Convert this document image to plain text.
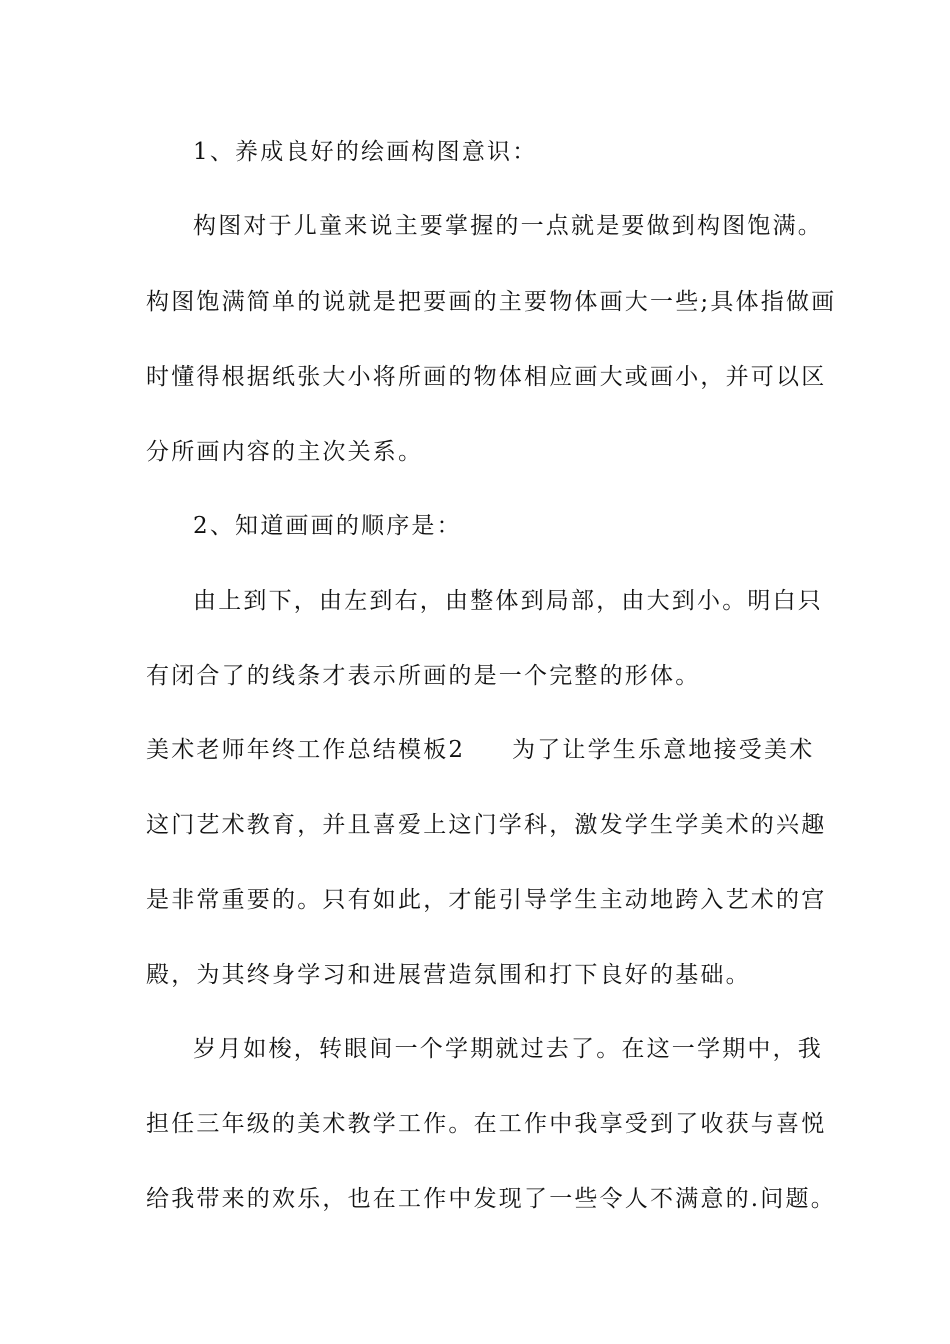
1、养成良好的绘画构图意识：
构图对于儿童来说主要掌握的一点就是要做到构图饱满。
构图饱满简单的说就是把要画的主要物体画大一些;具体指做画
时懂得根据纸张大小将所画的物体相应画大或画小，并可以区
分所画内容的主次关系。
2、知道画画的顺序是：
由上到下，由左到右，由整体到局部，由大到小。明白只
有闭合了的线条才表示所画的是一个完整的形体。
美术老师年终工作总结模板2 为了让学生乐意地接受美术
这门艺术教育，并且喜爱上这门学科，激发学生学美术的兴趣
是非常重要的。只有如此，才能引导学生主动地跨入艺术的宫
殿，为其终身学习和进展营造氛围和打下良好的基础。
岁月如梭，转眼间一个学期就过去了。在这一学期中，我
担任三年级的美术教学工作。在工作中我享受到了收获与喜悦
给我带来的欢乐，也在工作中发现了一些令人不满意的.问题。
